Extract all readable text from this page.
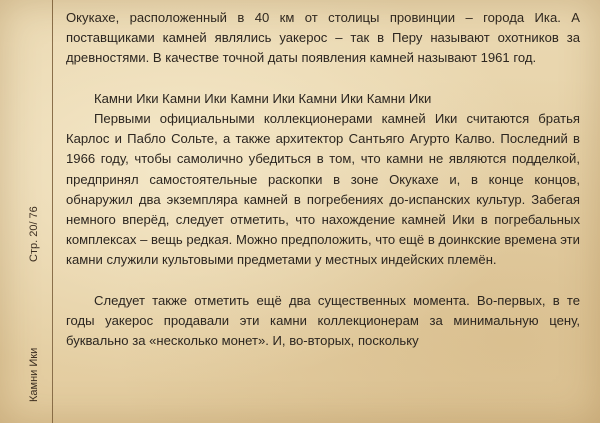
Стр. 20/ 76
Камни Ики

Окукахе, расположенный в 40 км от столицы провинции – города Ика. А поставщиками камней являлись уакерос – так в Перу называют охотников за древностями. В качестве точной даты появления камней называют 1961 год.

Камни Ики Камни Ики Камни Ики Камни Ики Камни Ики

Первыми официальными коллекционерами камней Ики считаются братья Карлос и Пабло Сольте, а также архитектор Сантьяго Агурто Калво. Последний в 1966 году, чтобы самолично убедиться в том, что камни не являются подделкой, предпринял самостоятельные раскопки в зоне Окукахе и, в конце концов, обнаружил два экземпляра камней в погребениях до-испанских культур. Забегая немного вперёд, следует отметить, что нахождение камней Ики в погребальных комплексах – вещь редкая. Можно предположить, что ещё в доинкские времена эти камни служили культовыми предметами у местных индейских племён.

Следует также отметить ещё два существенных момента. Во-первых, в те годы уакерос продавали эти камни коллекционерам за минимальную цену, буквально за «несколько монет». И, во-вторых, поскольку
